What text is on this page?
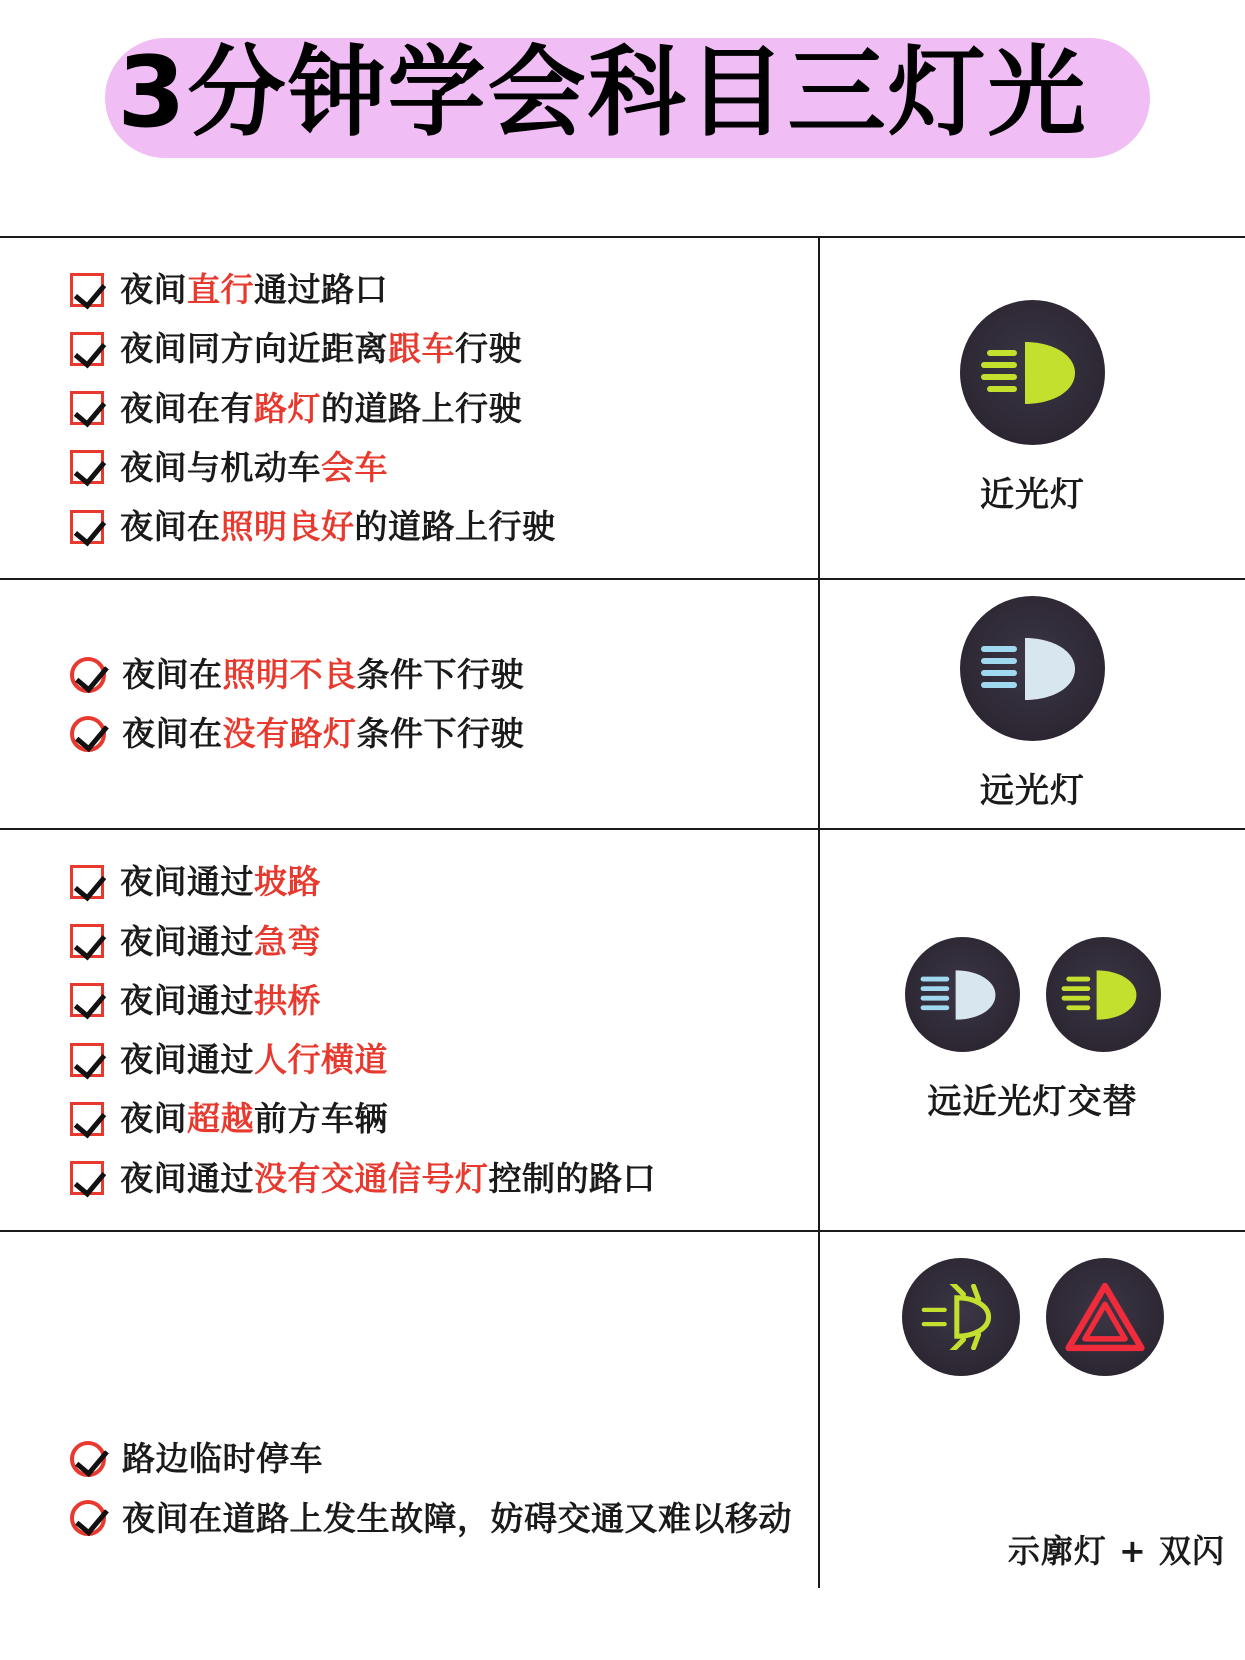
3分钟学会科目三灯光
夜间直行通过路口
夜间同方向近距离跟车行驶
夜间在有路灯的道路上行驶
夜间与机动车会车
夜间在照明良好的道路上行驶
近光灯
夜间在照明不良条件下行驶
夜间在没有路灯条件下行驶
远光灯
夜间通过坡路
夜间通过急弯
夜间通过拱桥
夜间通过人行横道
夜间超越前方车辆
夜间通过没有交通信号灯控制的路口
远近光灯交替
路边临时停车
夜间在道路上发生故障，妨碍交通又难以移动
示廓灯 + 双闪
